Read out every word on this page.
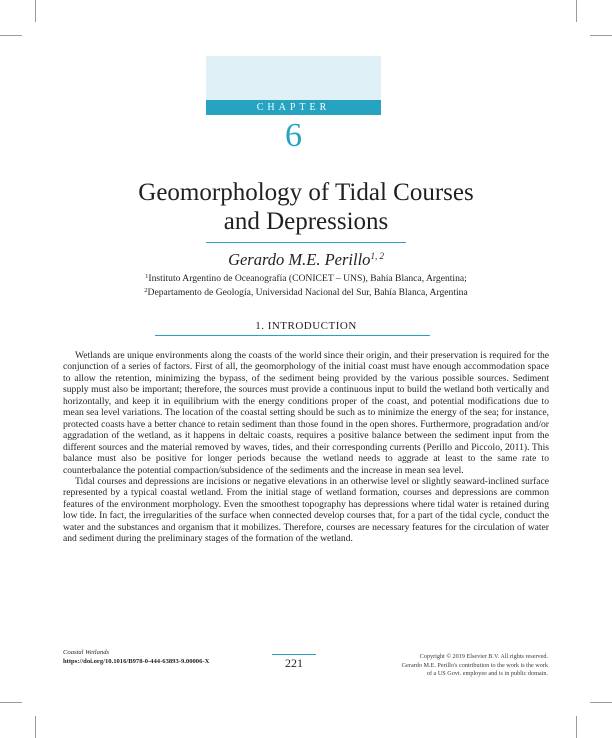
CHAPTER
6
Geomorphology of Tidal Courses
and Depressions
Gerardo M.E. Perillo$^{1, 2}$
$^1$Instituto Argentino de Oceanografía (CONICET – UNS), Bahía Blanca, Argentina;
$^2$Departamento de Geología, Universidad Nacional del Sur, Bahía Blanca, Argentina
1. INTRODUCTION

Wetlands are unique environments along the coasts of the world since their origin, and their preservation is required for the conjunction of a series of factors. First of all, the geomorphology of the initial coast must have enough accommodation space to allow the retention, minimizing the bypass, of the sediment being provided by the various possible sources. Sediment supply must also be important; therefore, the sources must provide a continuous input to build the wetland both vertically and horizontally, and keep it in equilibrium with the energy conditions proper of the coast, and potential modifications due to mean sea level variations. The location of the coastal setting should be such as to minimize the energy of the sea; for instance, protected coasts have a better chance to retain sediment than those found in the open shores. Furthermore, progradation and/or aggradation of the wetland, as it happens in deltaic coasts, requires a positive balance between the sediment input from the different sources and the material removed by waves, tides, and their corresponding currents (Perillo and Piccolo, 2011). This balance must also be positive for longer periods because the wetland needs to aggrade at least to the same rate to counterbalance the potential compaction/subsidence of the sediments and the increase in mean sea level.

Tidal courses and depressions are incisions or negative elevations in an otherwise level or slightly seaward-inclined surface represented by a typical coastal wetland. From the initial stage of wetland formation, courses and depressions are common features of the environment morphology. Even the smoothest topography has depressions where tidal water is retained during low tide. In fact, the irregularities of the surface when connected develop courses that, for a part of the tidal cycle, conduct the water and the substances and organism that it mobilizes. Therefore, courses are necessary features for the circulation of water and sediment during the preliminary stages of the formation of the wetland.

Coastal Wetlands
https://doi.org/10.1016/B978-0-444-63893-9.00006-X	221	Copyright © 2019 Elsevier B.V. All rights reserved.
Gerardo M.E. Perillo's contribution to the work is the work
of a US Govt. employee and is in public domain.
